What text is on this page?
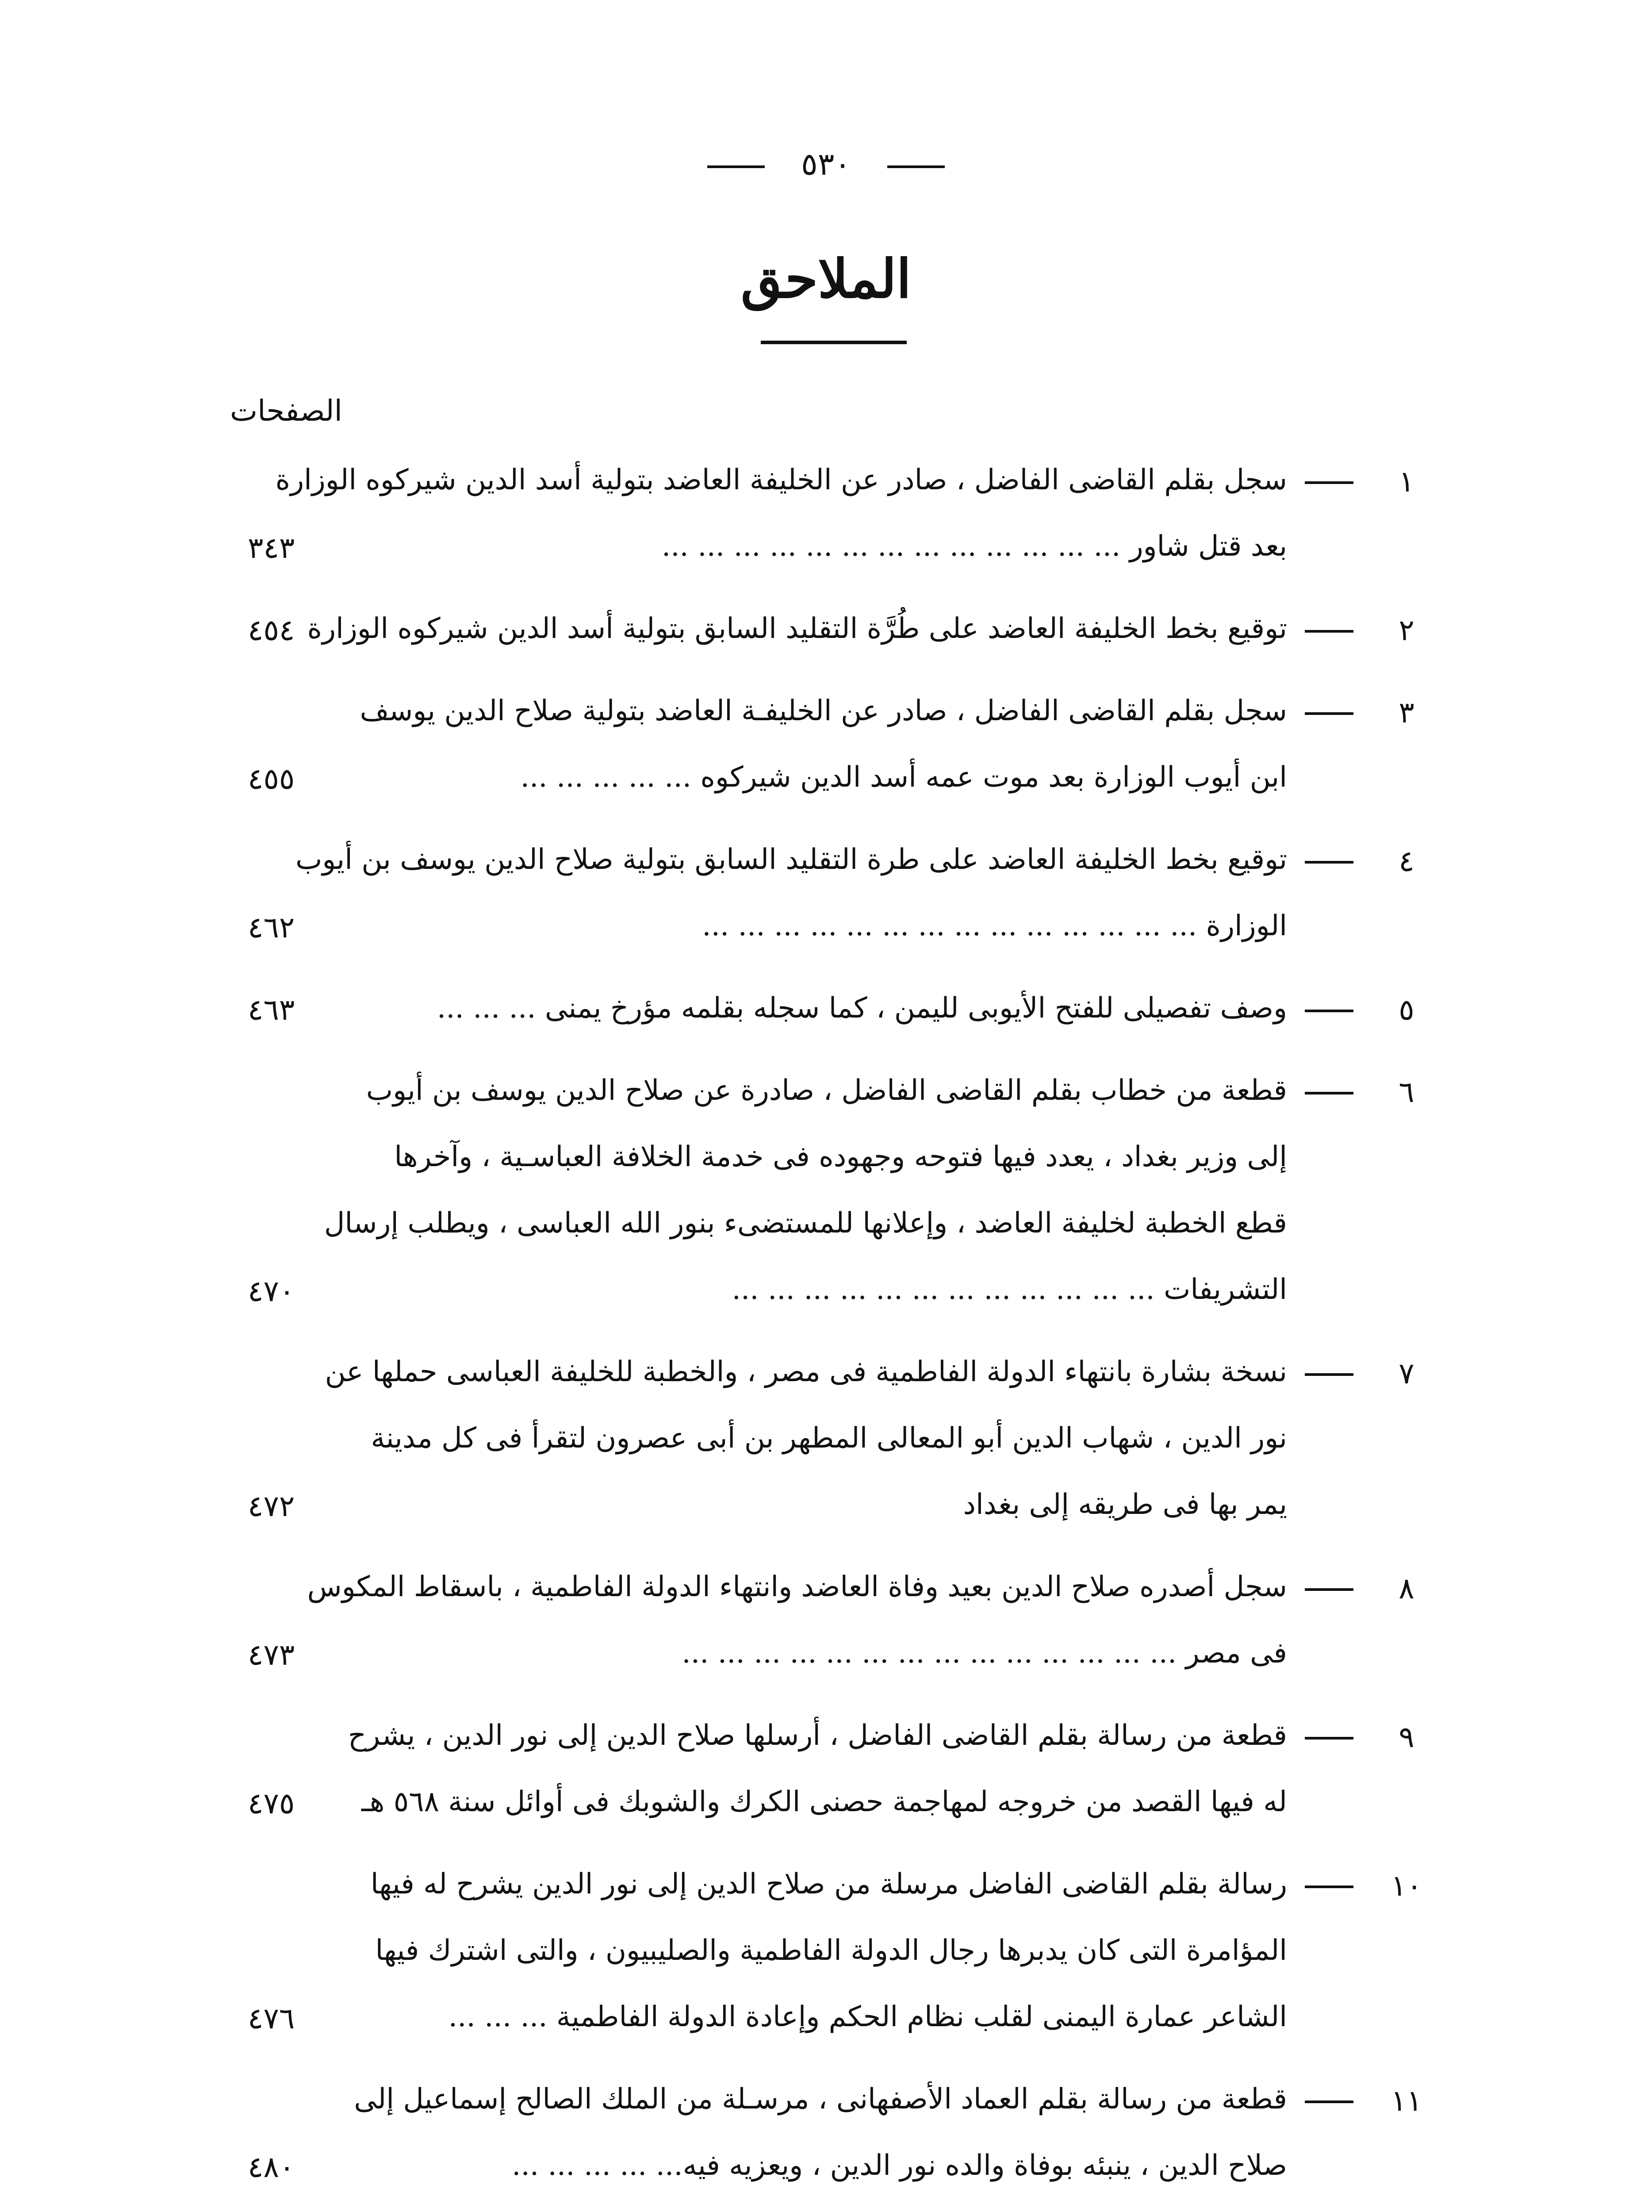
٥٣٠
الملاحق
الصفحات
١
سجل بقلم القاضى الفاضل ، صادر عن الخليفة العاضد بتولية أسد الدين شيركوه الوزارة
بعد قتل شاور ... ... ... ... ... ... ... ... ... ... ... ... ...
٣٤٣
٢
توقيع بخط الخليفة العاضد على طُرَّة التقليد السابق بتولية أسد الدين شيركوه الوزارة
٤٥٤
٣
سجل بقلم القاضى الفاضل ، صادر عن الخليفـة العاضد بتولية صلاح الدين يوسف
ابن أيوب الوزارة بعد موت عمه أسد الدين شيركوه ... ... ... ... ...
٤٥٥
٤
توقيع بخط الخليفة العاضد على طرة التقليد السابق بتولية صلاح الدين يوسف بن أيوب
الوزارة ... ... ... ... ... ... ... ... ... ... ... ... ... ...
٤٦٢
٥
وصف تفصيلى للفتح الأيوبى لليمن ، كما سجله بقلمه مؤرخ يمنى ... ... ...
٤٦٣
٦
قطعة من خطاب بقلم القاضى الفاضل ، صادرة عن صلاح الدين يوسف بن أيوب
إلى وزير بغداد ، يعدد فيها فتوحه وجهوده فى خدمة الخلافة العباسـية ، وآخرها
قطع الخطبة لخليفة العاضد ، وإعلانها للمستضىء بنور الله العباسى ، ويطلب إرسال
التشريفات ... ... ... ... ... ... ... ... ... ... ... ...
٤٧٠
٧
نسخة بشارة بانتهاء الدولة الفاطمية فى مصر ، والخطبة للخليفة العباسى حملها عن
نور الدين ، شهاب الدين أبو المعالى المطهر بن أبى عصرون لتقرأ فى كل مدينة
يمر بها فى طريقه إلى بغداد
٤٧٢
٨
سجل أصدره صلاح الدين بعيد وفاة العاضد وانتهاء الدولة الفاطمية ، باسقاط المكوس
فى مصر ... ... ... ... ... ... ... ... ... ... ... ... ... ...
٤٧٣
٩
قطعة من رسالة بقلم القاضى الفاضل ، أرسلها صلاح الدين إلى نور الدين ، يشرح
له فيها القصد من خروجه لمهاجمة حصنى الكرك والشوبك فى أوائل سنة ٥٦٨ هـ
٤٧٥
١٠
رسالة بقلم القاضى الفاضل مرسلة من صلاح الدين إلى نور الدين يشرح له فيها
المؤامرة التى كان يدبرها رجال الدولة الفاطمية والصليبيون ، والتى اشترك فيها
الشاعر عمارة اليمنى لقلب نظام الحكم وإعادة الدولة الفاطمية ... ... ...
٤٧٦
١١
قطعة من رسالة بقلم العماد الأصفهانى ، مرسـلة من الملك الصالح إسماعيل إلى
صلاح الدين ، ينبئه بوفاة والده نور الدين ، ويعزيه فيه... ... ... ... ...
٤٨٠
